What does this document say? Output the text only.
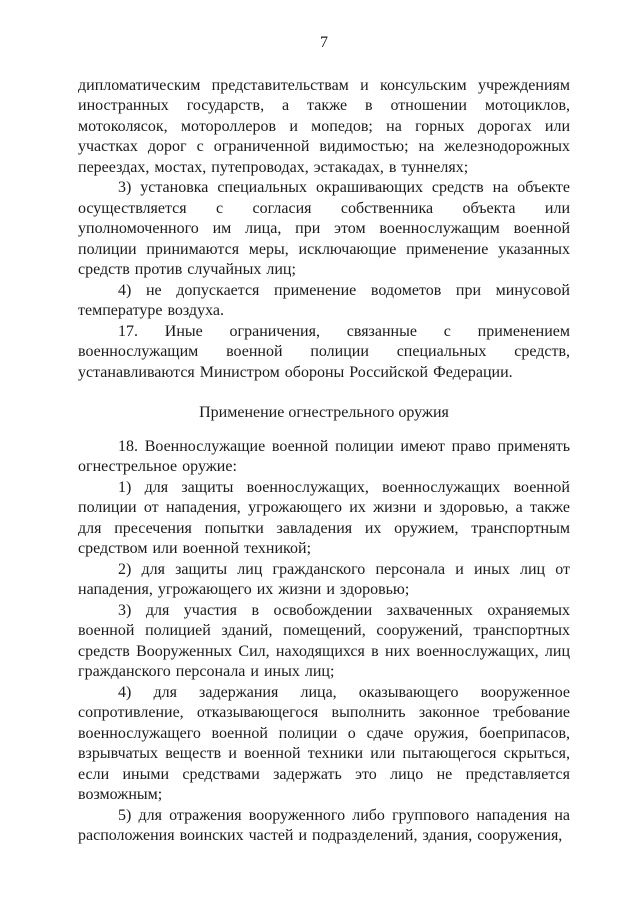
7

дипломатическим представительствам и консульским учреждениям иностранных государств, а также в отношении мотоциклов, мотоколясок, мотороллеров и мопедов; на горных дорогах или участках дорог с ограниченной видимостью; на железнодорожных переездах, мостах, путепроводах, эстакадах, в туннелях;

3) установка специальных окрашивающих средств на объекте осуществляется с согласия собственника объекта или уполномоченного им лица, при этом военнослужащим военной полиции принимаются меры, исключающие применение указанных средств против случайных лиц;

4) не допускается применение водометов при минусовой температуре воздуха.

17. Иные ограничения, связанные с применением военнослужащим военной полиции специальных средств, устанавливаются Министром обороны Российской Федерации.

Применение огнестрельного оружия

18. Военнослужащие военной полиции имеют право применять огнестрельное оружие:

1) для защиты военнослужащих, военнослужащих военной полиции от нападения, угрожающего их жизни и здоровью, а также для пресечения попытки завладения их оружием, транспортным средством или военной техникой;

2) для защиты лиц гражданского персонала и иных лиц от нападения, угрожающего их жизни и здоровью;

3) для участия в освобождении захваченных охраняемых военной полицией зданий, помещений, сооружений, транспортных средств Вооруженных Сил, находящихся в них военнослужащих, лиц гражданского персонала и иных лиц;

4) для задержания лица, оказывающего вооруженное сопротивление, отказывающегося выполнить законное требование военнослужащего военной полиции о сдаче оружия, боеприпасов, взрывчатых веществ и военной техники или пытающегося скрыться, если иными средствами задержать это лицо не представляется возможным;

5) для отражения вооруженного либо группового нападения на расположения воинских частей и подразделений, здания, сооружения,
